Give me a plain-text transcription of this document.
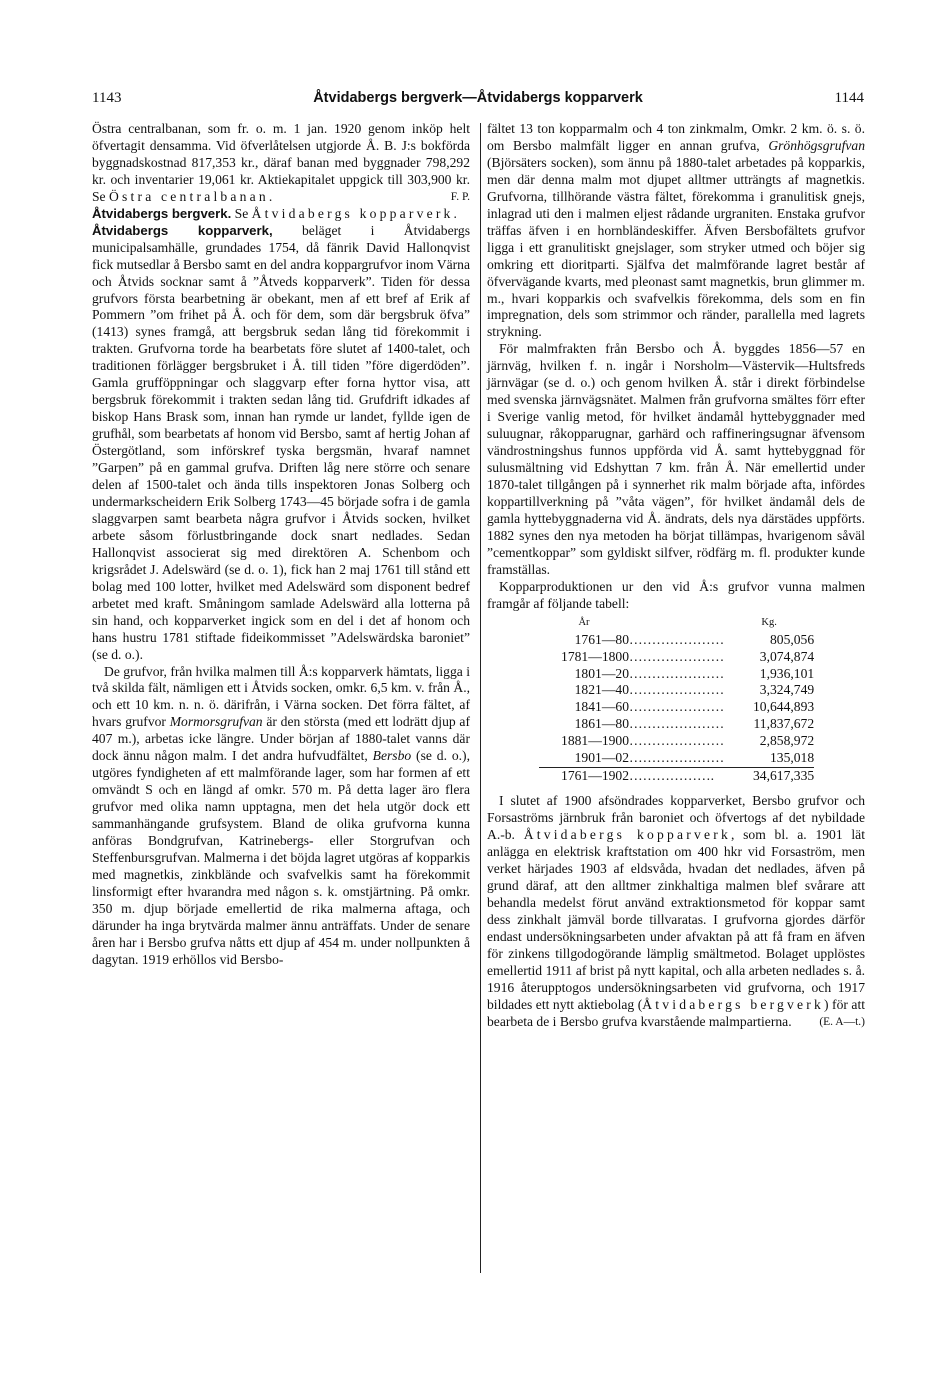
1143	Åtvidabergs bergverk—Åtvidabergs kopparverk	1144

Östra centralbanan, som fr. o. m. 1 jan. 1920 genom inköp helt öfvertagit densamma. Vid öfverlåtelsen utgjorde Å. B. J:s bokförda byggnadskostnad 817,353 kr., däraf banan med byggnader 798,292 kr. och inventarier 19,061 kr. Aktiekapitalet uppgick till 303,900 kr. Se Östra centralbanan.	F. P.

Åtvidabergs bergverk. Se Åtvidabergs kopparverk.

Åtvidabergs kopparverk, beläget i Åtvidabergs municipalsamhälle, grundades 1754, då fänrik David Hallonqvist fick mutsedlar å Bersbo samt en del andra koppargrufvor inom Värna och Åtvids socknar samt å ”Åtveds kopparverk”. Tiden för dessa grufvors första bearbetning är obekant, men af ett bref af Erik af Pommern ”om frihet på Å. och för dem, som där bergsbruk öfva” (1413) synes framgå, att bergsbruk sedan lång tid förekommit i trakten. Grufvorna torde ha bearbetats före slutet af 1400-talet, och traditionen förlägger bergsbruket i Å. till tiden ”före digerdöden”. Gamla grufföppningar och slaggvarp efter forna hyttor visa, att bergsbruk förekommit i trakten sedan lång tid. Grufdrift idkades af biskop Hans Brask som, innan han rymde ur landet, fyllde igen de grufhål, som bearbetats af honom vid Bersbo, samt af hertig Johan af Östergötland, som införskref tyska bergsmän, hvaraf namnet ”Garpen” på en gammal grufva. Driften låg nere större och senare delen af 1500-talet och ända tills inspektoren Jonas Solberg och undermarkscheidern Erik Solberg 1743—45 började sofra i de gamla slaggvarpen samt bearbeta några grufvor i Åtvids socken, hvilket arbete såsom förlustbringande dock snart nedlades. Sedan Hallonqvist associerat sig med direktören A. Schenbom och krigsrådet J. Adelswärd (se d. o. 1), fick han 2 maj 1761 till stånd ett bolag med 100 lotter, hvilket med Adelswärd som disponent bedref arbetet med kraft. Småningom samlade Adelswärd alla lotterna på sin hand, och kopparverket ingick som en del i det af honom och hans hustru 1781 stiftade fideikommisset ”Adelswärdska baroniet” (se d. o.).

De grufvor, från hvilka malmen till Å:s kopparverk hämtats, ligga i två skilda fält, nämligen ett i Åtvids socken, omkr. 6,5 km. v. från Å., och ett 10 km. n. n. ö. därifrån, i Värna socken. Det förra fältet, af hvars grufvor Mormorsgrufvan är den största (med ett lodrätt djup af 407 m.), arbetas icke längre. Under början af 1880-talet vanns där dock ännu någon malm. I det andra hufvudfältet, Bersbo (se d. o.), utgöres fyndigheten af ett malmförande lager, som har formen af ett omvändt S och en längd af omkr. 570 m. På detta lager äro flera grufvor med olika namn upptagna, men det hela utgör dock ett sammanhängande grufsystem. Bland de olika grufvorna kunna anföras Bondgrufvan, Katrinebergs- eller Storgrufvan och Steffenbursgrufvan. Malmerna i det böjda lagret utgöras af kopparkis med magnetkis, zinkblände och svafvelkis samt ha förekommit linsformigt efter hvarandra med någon s. k. omstjärtning. På omkr. 350 m. djup började emellertid de rika malmerna aftaga, och därunder ha inga brytvärda malmer ännu anträffats. Under de senare åren har i Bersbo grufva nåtts ett djup af 454 m. under nollpunkten å dagytan. 1919 erhöllos vid Bersbo-

fältet 13 ton kopparmalm och 4 ton zinkmalm, Omkr. 2 km. ö. s. ö. om Bersbo malmfält ligger en annan grufva, Grönhögsgrufvan (Björsäters socken), som ännu på 1880-talet arbetades på kopparkis, men där denna malm mot djupet alltmer utträngts af magnetkis. Grufvorna, tillhörande västra fältet, förekomma i granulitisk gnejs, inlagrad uti den i malmen eljest rådande urgraniten. Enstaka grufvor träffas äfven i en hornbländeskiffer. Äfven Bersbofältets grufvor ligga i ett granulitiskt gnejslager, som stryker utmed och böjer sig omkring ett dioritparti. Själfva det malmförande lagret består af öfvervägande kvarts, med pleonast samt magnetkis, brun glimmer m. m., hvari kopparkis och svafvelkis förekomma, dels som en fin impregnation, dels som strimmor och ränder, parallella med lagrets strykning.

För malmfrakten från Bersbo och Å. byggdes 1856—57 en järnväg, hvilken f. n. ingår i Norsholm—Västervik—Hultsfreds järnvägar (se d. o.) och genom hvilken Å. står i direkt förbindelse med svenska järnvägsnätet. Malmen från grufvorna smältes förr efter i Sverige vanlig metod, för hvilket ändamål hyttebyggnader med suluugnar, råkopparugnar, garhärd och raffineringsugnar äfvensom vändrostningshus funnos uppförda vid Å. samt hyttebyggnad för sulusmältning vid Edshyttan 7 km. från Å. När emellertid under 1870-talet tillgången på i synnerhet rik malm började afta, infördes koppartillverkning på ”våta vägen”, för hvilket ändamål dels de gamla hyttebyggnaderna vid Å. ändrats, dels nya därstädes uppförts. 1882 synes den nya metoden ha börjat tillämpas, hvarigenom såväl ”cementkoppar” som gyldiskt silfver, rödfärg m. fl. produkter kunde framställas.

Kopparproduktionen ur den vid Å:s grufvor vunna malmen framgår af följande tabell:

År		Kg.
1761—80	…………………	805,056
1781—1800	…………………	3,074,874
1801—20	…………………	1,936,101
1821—40	…………………	3,324,749
1841—60	…………………	10,644,893
1861—80	…………………	11,837,672
1881—1900	…………………	2,858,972
1901—02	…………………	135,018
1761—1902	……………….	34,617,335

I slutet af 1900 afsöndrades kopparverket, Bersbo grufvor och Forsaströms järnbruk från baroniet och öfvertogs af det nybildade A.-b. Åtvidabergs kopparverk, som bl. a. 1901 lät anlägga en elektrisk kraftstation om 400 hkr vid Forsaström, men verket härjades 1903 af eldsvåda, hvadan det nedlades, äfven på grund däraf, att den alltmer zinkhaltiga malmen blef svårare att behandla medelst förut använd extraktionsmetod för koppar samt dess zinkhalt jämväl borde tillvaratas. I grufvorna gjordes därför endast undersökningsarbeten under afvaktan på att få fram en äfven för zinkens tillgodogörande lämplig smältmetod. Bolaget upplöstes emellertid 1911 af brist på nytt kapital, och alla arbeten nedlades s. å. 1916 återupptogos undersökningsarbeten vid grufvorna, och 1917 bildades ett nytt aktiebolag (Åtvidabergs bergverk) för att bearbeta de i Bersbo grufva kvarstående malmpartierna.	(E. A—t.)
